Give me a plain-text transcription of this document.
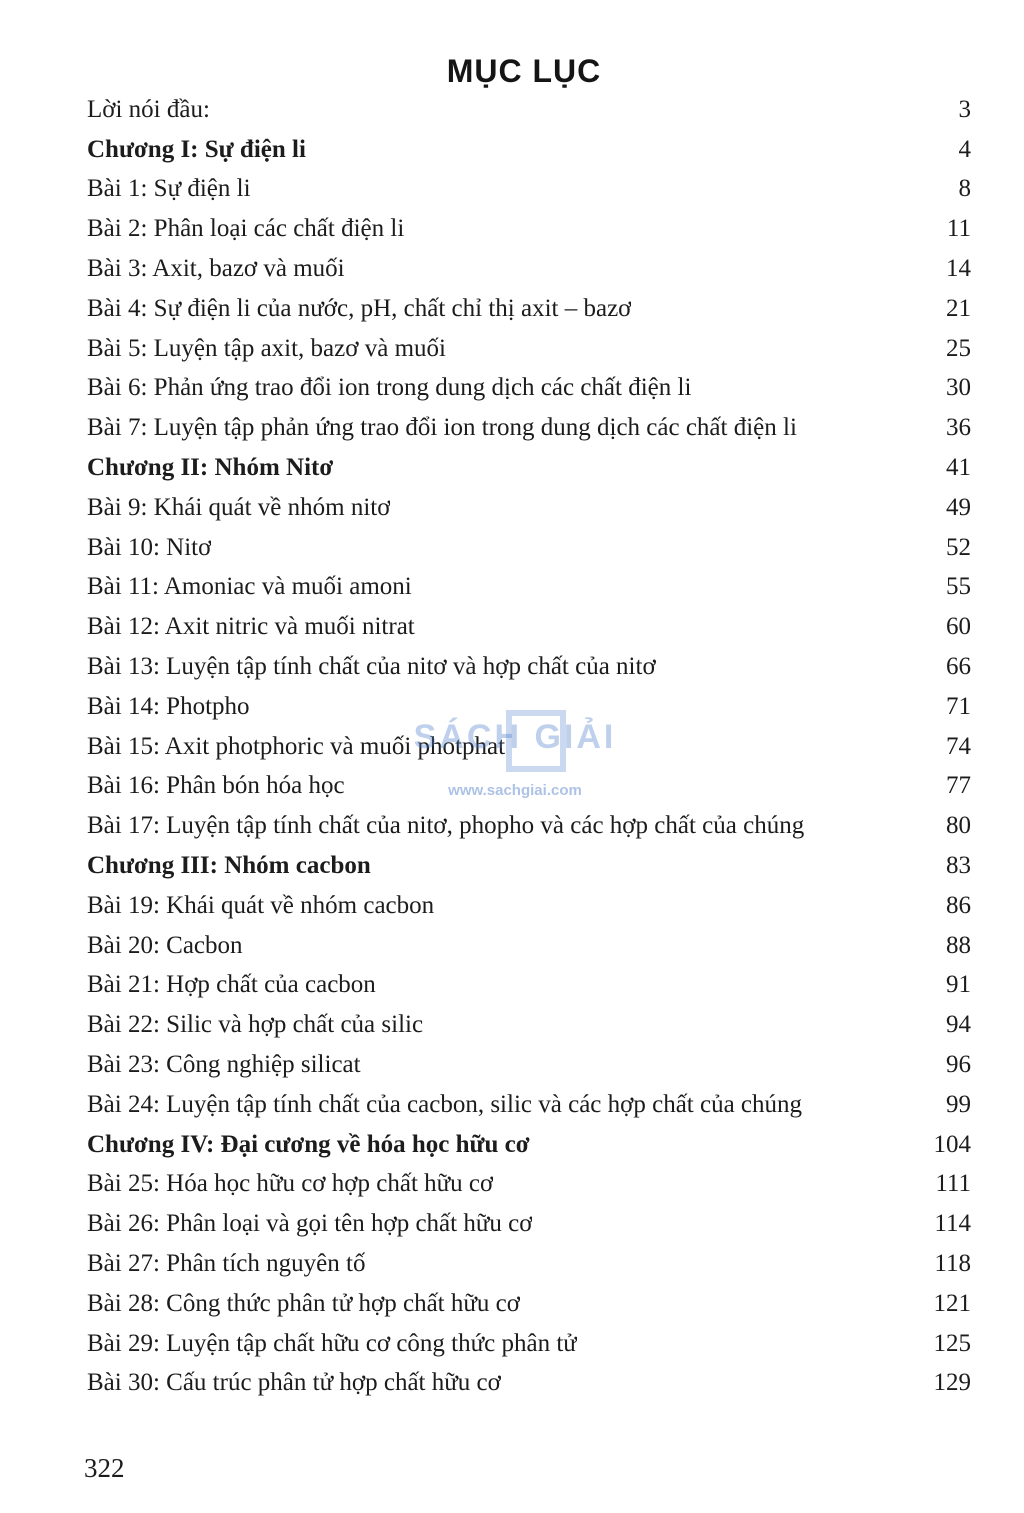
MỤC LỤC
Lời nói đầu:	3
Chương I: Sự điện li	4
Bài 1: Sự điện li	8
Bài 2: Phân loại các chất điện li	11
Bài 3: Axit, bazơ và muối	14
Bài 4: Sự điện li của nước, pH, chất chỉ thị axit – bazơ	21
Bài 5: Luyện tập axit, bazơ và muối	25
Bài 6: Phản ứng trao đổi ion trong dung dịch các chất điện li	30
Bài 7: Luyện tập phản ứng trao đổi ion trong dung dịch các chất điện li	36
Chương II: Nhóm Nitơ	41
Bài 9: Khái quát về nhóm nitơ	49
Bài 10: Nitơ	52
Bài 11: Amoniac và muối amoni	55
Bài 12: Axit nitric và muối nitrat	60
Bài 13: Luyện tập tính chất của nitơ và hợp chất của nitơ	66
Bài 14: Photpho	71
Bài 15: Axit photphoric và muối photphat	74
Bài 16: Phân bón hóa học	77
Bài 17: Luyện tập tính chất của nitơ, phopho và các hợp chất của chúng	80
Chương III: Nhóm cacbon	83
Bài 19: Khái quát về nhóm cacbon	86
Bài 20: Cacbon	88
Bài 21: Hợp chất của cacbon	91
Bài 22: Silic và hợp chất của silic	94
Bài 23: Công nghiệp silicat	96
Bài 24: Luyện tập tính chất của cacbon, silic và các hợp chất của chúng	99
Chương IV: Đại cương về hóa học hữu cơ	104
Bài 25: Hóa học hữu cơ hợp chất hữu cơ	111
Bài 26: Phân loại và gọi tên hợp chất hữu cơ	114
Bài 27: Phân tích nguyên tố	118
Bài 28: Công thức phân tử hợp chất hữu cơ	121
Bài 29: Luyện tập chất hữu cơ công thức phân tử	125
Bài 30: Cấu trúc phân tử hợp chất hữu cơ	129
SÁCH GIẢI
www.sachgiai.com
322
